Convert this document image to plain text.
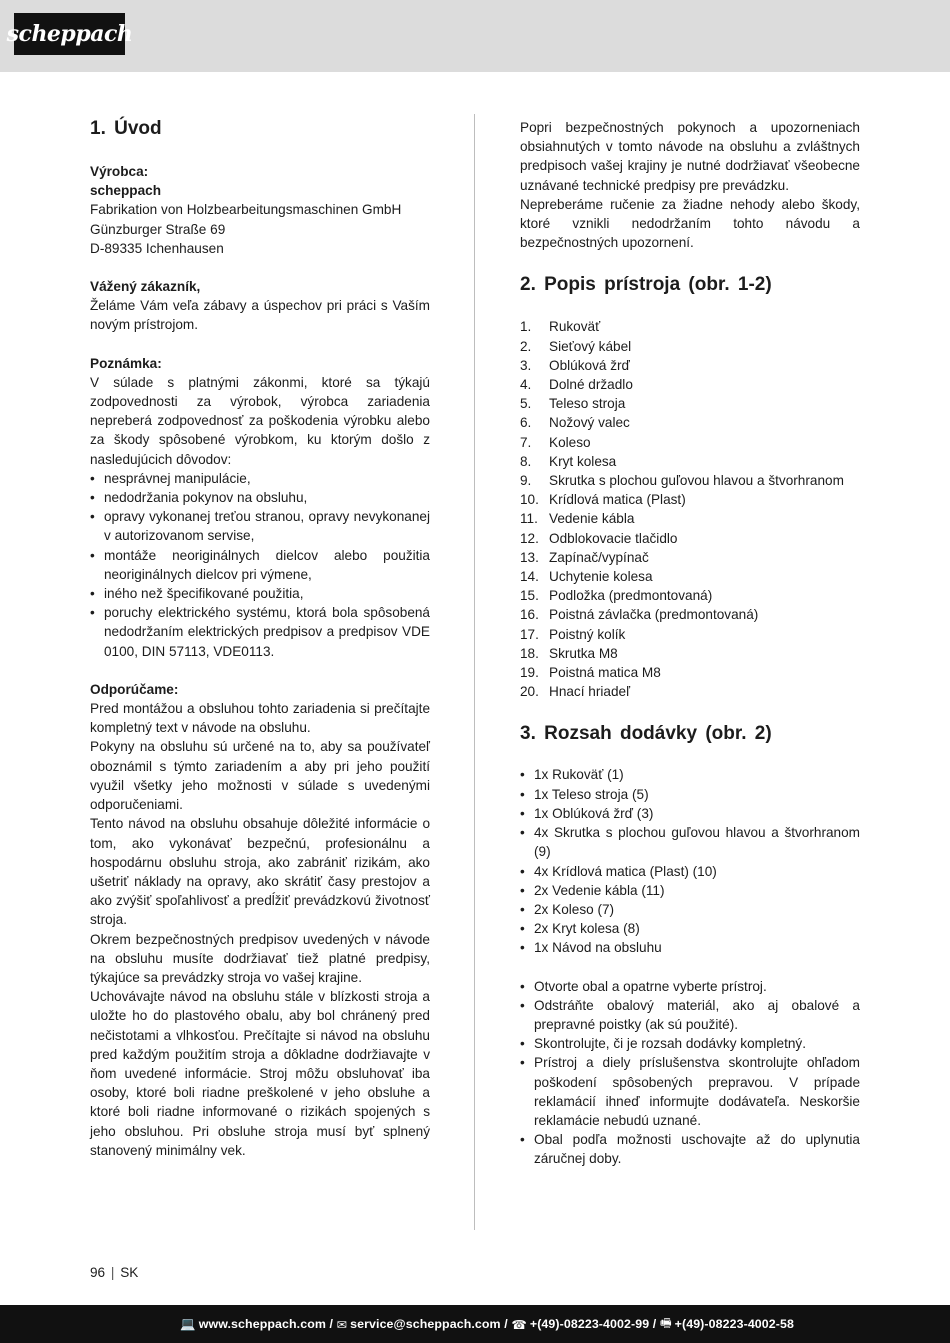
scheppach
1. Úvod

Výrobca:

scheppach

Fabrikation von Holzbearbeitungsmaschinen GmbH

Günzburger Straße 69

D-89335 Ichenhausen

Vážený zákazník,

Želáme Vám veľa zábavy a úspechov pri práci s Vaším novým prístrojom.

Poznámka:

V súlade s platnými zákonmi, ktoré sa týkajú zodpovednosti za výrobok, výrobca zariadenia nepreberá zodpovednosť za poškodenia výrobku alebo za škody spôsobené výrobkom, ku ktorým došlo z nasledujúcich dôvodov:

• nesprávnej manipulácie,
• nedodržania pokynov na obsluhu,
• opravy vykonanej treťou stranou, opravy nevykonanej v autorizovanom servise,
• montáže neoriginálnych dielcov alebo použitia neoriginálnych dielcov pri výmene,
• iného než špecifikované použitia,
• poruchy elektrického systému, ktorá bola spôsobená nedodržaním elektrických predpisov a predpisov VDE 0100, DIN 57113, VDE0113.

Odporúčame:

Pred montážou a obsluhou tohto zariadenia si prečítajte kompletný text v návode na obsluhu.

Pokyny na obsluhu sú určené na to, aby sa používateľ oboznámil s týmto zariadením a aby pri jeho použití využil všetky jeho možnosti v súlade s uvedenými odporučeniami.

Tento návod na obsluhu obsahuje dôležité informácie o tom, ako vykonávať bezpečnú, profesionálnu a hospodárnu obsluhu stroja, ako zabrániť rizikám, ako ušetriť náklady na opravy, ako skrátiť časy prestojov a ako zvýšiť spoľahlivosť a predĺžiť prevádzkovú životnosť stroja.

Okrem bezpečnostných predpisov uvedených v návode na obsluhu musíte dodržiavať tiež platné predpisy, týkajúce sa prevádzky stroja vo vašej krajine.

Uchovávajte návod na obsluhu stále v blízkosti stroja a uložte ho do plastového obalu, aby bol chránený pred nečistotami a vlhkosťou. Prečítajte si návod na obsluhu pred každým použitím stroja a dôkladne dodržiavajte v ňom uvedené informácie. Stroj môžu obsluhovať iba osoby, ktoré boli riadne preškolené v jeho obsluhe a ktoré boli riadne informované o rizikách spojených s jeho obsluhou. Pri obsluhe stroja musí byť splnený stanovený minimálny vek.

Popri bezpečnostných pokynoch a upozorneniach obsiahnutých v tomto návode na obsluhu a zvláštnych predpisoch vašej krajiny je nutné dodržiavať všeobecne uznávané technické predpisy pre prevádzku.

Nepreberáme ručenie za žiadne nehody alebo škody, ktoré vznikli nedodržaním tohto návodu a bezpečnostných upozornení.

2. Popis prístroja (obr. 1-2)
1.	Rukoväť
2.	Sieťový kábel
3.	Oblúková žrď
4.	Dolné držadlo
5.	Teleso stroja
6.	Nožový valec
7.	Koleso
8.	Kryt kolesa
9.	Skrutka s plochou guľovou hlavou a štvorhranom
10. Krídlová matica (Plast)
11. Vedenie kábla
12. Odblokovacie tlačidlo
13. Zapínač/vypínač
14. Uchytenie kolesa
15. Podložka (predmontovaná)
16. Poistná závlačka (predmontovaná)
17. Poistný kolík
18. Skrutka M8
19. Poistná matica M8
20. Hnací hriadeľ
3. Rozsah dodávky (obr. 2)
• 1x Rukoväť (1)
• 1x Teleso stroja (5)
• 1x Oblúková žrď (3)
• 4x Skrutka s plochou guľovou hlavou a štvorhranom (9)
• 4x Krídlová matica (Plast) (10)
• 2x Vedenie kábla (11)
• 2x Koleso (7)
• 2x Kryt kolesa (8)
• 1x Návod na obsluhu
• Otvorte obal a opatrne vyberte prístroj.
• Odstráňte obalový materiál, ako aj obalové a prepravné poistky (ak sú použité).
• Skontrolujte, či je rozsah dodávky kompletný.
• Prístroj a diely príslušenstva skontrolujte ohľadom poškodení spôsobených prepravou. V prípade reklamácií ihneď informujte dodávateľa. Neskoršie reklamácie nebudú uznané.
• Obal podľa možnosti uschovajte až do uplynutia záručnej doby.
96 | SK
💻 www.scheppach.com /
✉ service@scheppach.com /
☎ +(49)-08223-4002-99 /
🖷 +(49)-08223-4002-58
